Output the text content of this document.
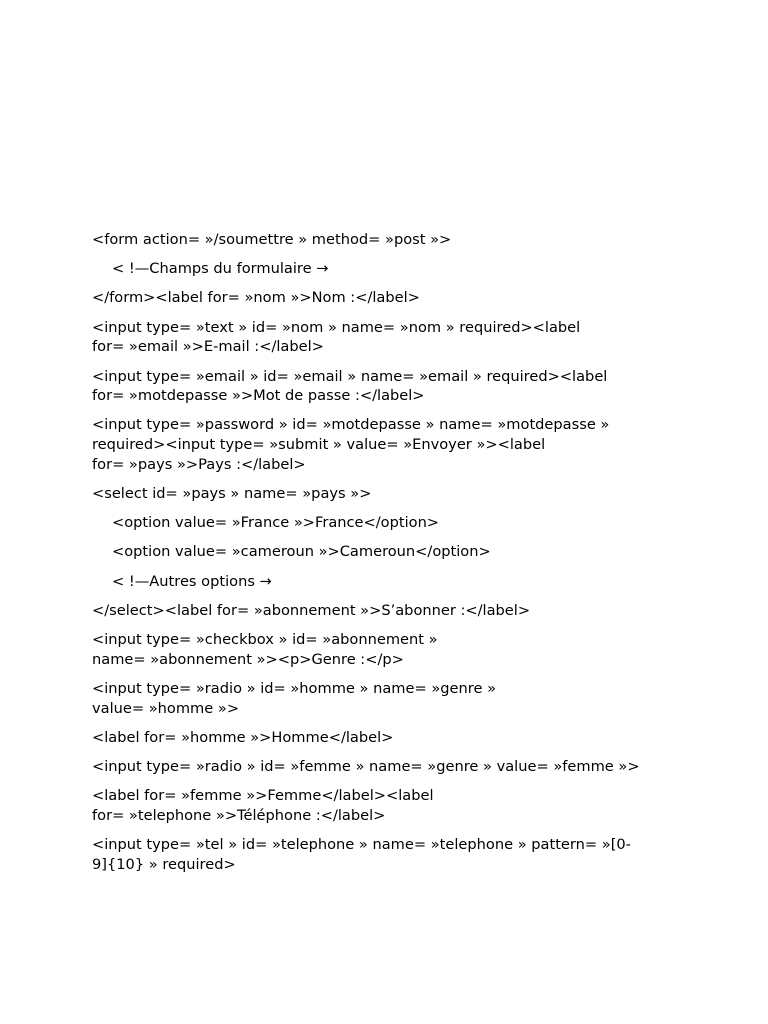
<form action= »/soumettre » method= »post »>
< !—Champs du formulaire →
</form><label for= »nom »>Nom :</label>
<input type= »text » id= »nom » name= »nom » required><label
for= »email »>E-mail :</label>
<input type= »email » id= »email » name= »email » required><label
for= »motdepasse »>Mot de passe :</label>
<input type= »password » id= »motdepasse » name= »motdepasse »
required><input type= »submit » value= »Envoyer »><label
for= »pays »>Pays :</label>
<select id= »pays » name= »pays »>
<option value= »France »>France</option>
<option value= »cameroun »>Cameroun</option>
< !—Autres options →
</select><label for= »abonnement »>S’abonner :</label>
<input type= »checkbox » id= »abonnement »
name= »abonnement »><p>Genre :</p>
<input type= »radio » id= »homme » name= »genre »
value= »homme »>
<label for= »homme »>Homme</label>
<input type= »radio » id= »femme » name= »genre » value= »femme »>
<label for= »femme »>Femme</label><label
for= »telephone »>Téléphone :</label>
<input type= »tel » id= »telephone » name= »telephone » pattern= »[0-
9]{10} » required>
